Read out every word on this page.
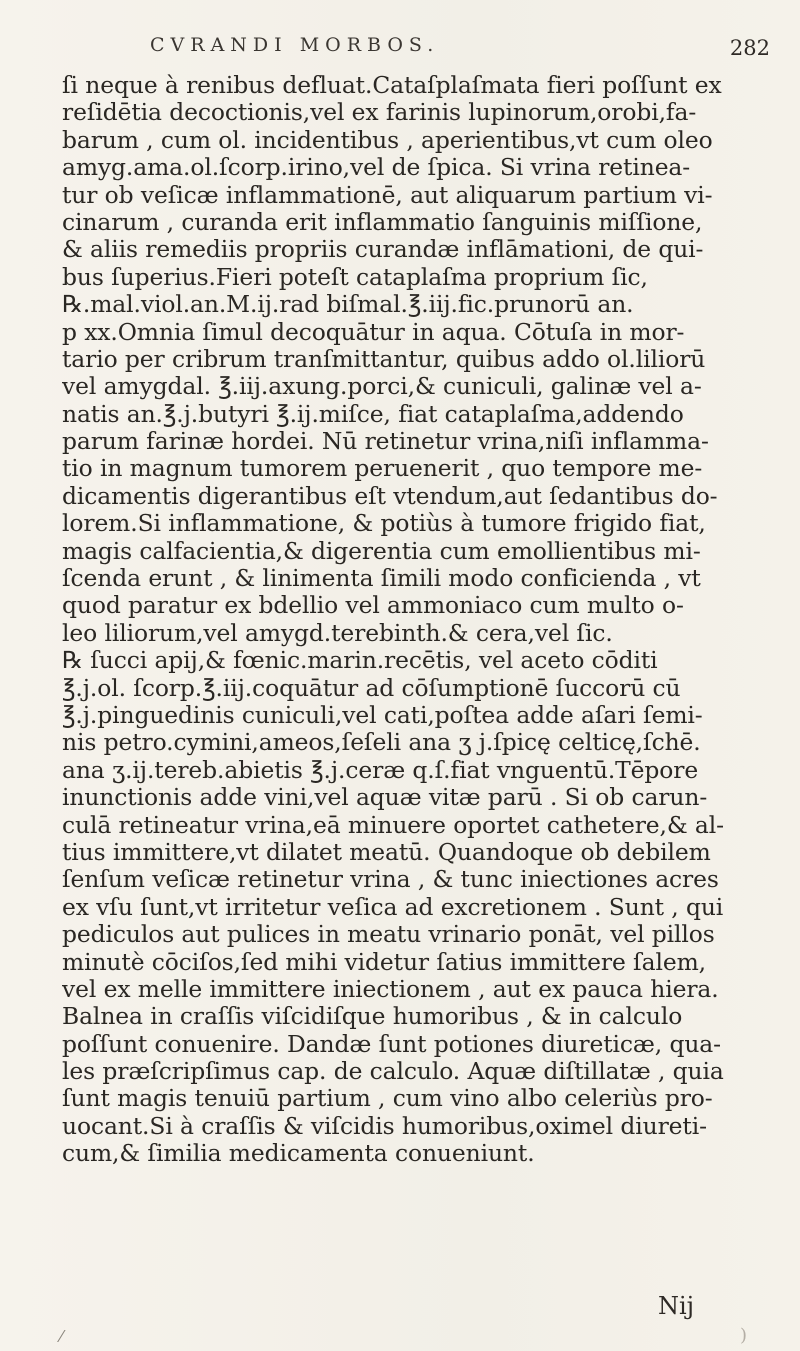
CVRANDI MORBOS.	282
ſi neque à renibus defluat.Cataſplaſmata fieri poſſunt ex
reſidētia decoctionis,vel ex farinis lupinorum,orobi,fa-
barum , cum ol. incidentibus , aperientibus,vt cum oleo
amyg.ama.ol.ſcorp.irino,vel de ſpica. Si vrina retinea-
tur ob veſicæ inflammationē, aut aliquarum partium vi-
cinarum , curanda erit inflammatio ſanguinis miſſione,
& aliis remediis propriis curandæ inflāmationi, de qui-
bus ſuperius.Fieri poteſt cataplaſma proprium ſic,
℞.mal.viol.an.M.ij.rad biſmal.℥.iij.fic.prunorū an.
p xx.Omnia ſimul decoquātur in aqua. Cōtuſa in mor-
tario per cribrum tranſmittantur, quibus addo ol.liliorū
vel amygdal. ℥.iij.axung.porci,& cuniculi, galinæ vel a-
natis an.℥.j.butyri ℥.ij.miſce, fiat cataplaſma,addendo
parum farinæ hordei. Nū retinetur vrina,niſi inflamma-
tio in magnum tumorem peruenerit , quo tempore me-
dicamentis digerantibus eſt vtendum,aut ſedantibus do-
lorem.Si inflammatione, & potiùs à tumore frigido fiat,
magis calfacientia,& digerentia cum emollientibus mi-
ſcenda erunt , & linimenta ſimili modo conficienda , vt
quod paratur ex bdellio vel ammoniaco cum multo o-
leo liliorum,vel amygd.terebinth.& cera,vel ſic.
℞ ſucci apij,& fœnic.marin.recētis, vel aceto cōditi
℥.j.ol. ſcorp.℥.iij.coquātur ad cōſumptionē ſuccorū cū
℥.j.pinguedinis cuniculi,vel cati,poſtea adde aſari ſemi-
nis petro.cymini,ameos,ſeſeli ana ʒ j.ſpicę celticę,ſchē.
ana ʒ.ij.tereb.abietis ℥.j.ceræ q.ſ.fiat vnguentū.Tēpore
inunctionis adde vini,vel aquæ vitæ parū . Si ob carun-
culā retineatur vrina,eā minuere oportet cathetere,& al-
tius immittere,vt dilatet meatū. Quandoque ob debilem
ſenſum veſicæ retinetur vrina , & tunc iniectiones acres
ex vſu ſunt,vt irritetur veſica ad excretionem . Sunt , qui
pediculos aut pulices in meatu vrinario ponāt, vel pillos
minutè cōciſos,ſed mihi videtur ſatius immittere ſalem,
vel ex melle immittere iniectionem , aut ex pauca hiera.
Balnea in craſſis viſcidiſque humoribus , & in calculo
poſſunt conuenire. Dandæ ſunt potiones diureticæ, qua-
les præſcripſimus cap. de calculo. Aquæ diſtillatæ , quia
ſunt magis tenuiū partium , cum vino albo celeriùs pro-
uocant.Si à craſſis & viſcidis humoribus,oximel diureti-
cum,& ſimilia medicamenta conueniunt.
Nij
⁄	)
